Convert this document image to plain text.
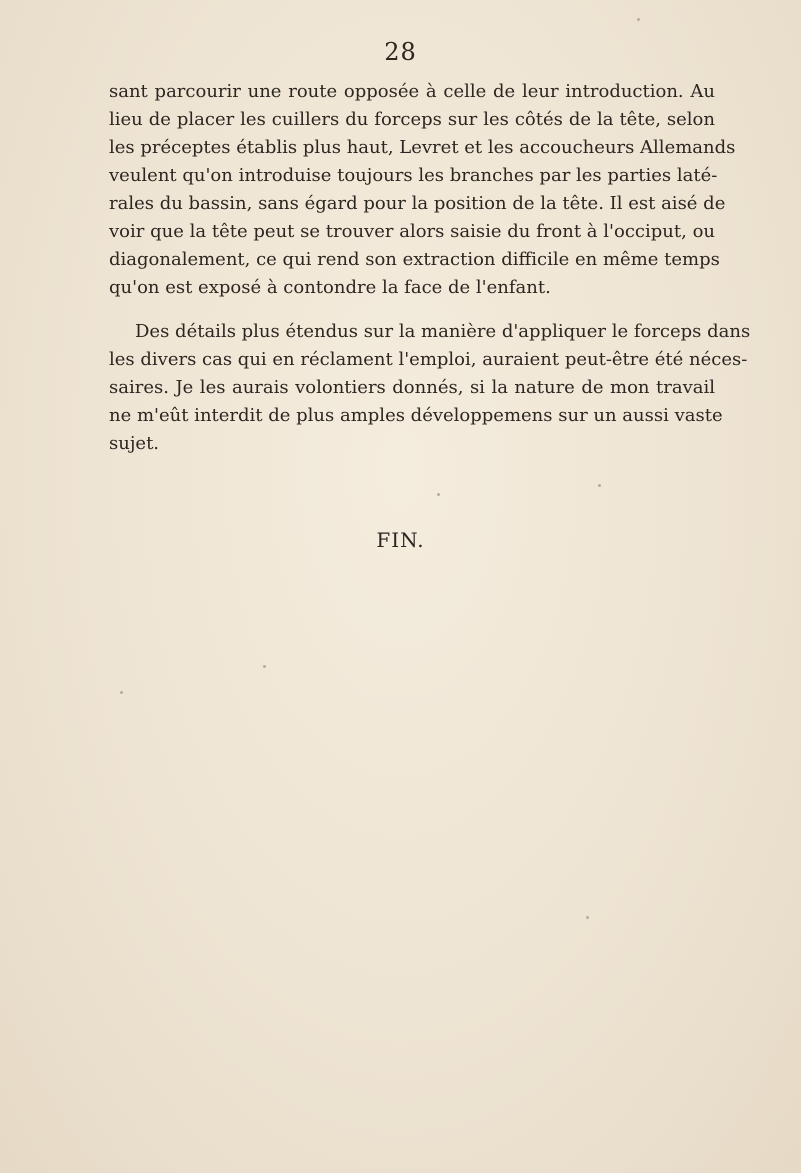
28
sant parcourir une route opposée à celle de leur introduction. Au
lieu de placer les cuillers du forceps sur les côtés de la tête, selon
les préceptes établis plus haut, Levret et les accoucheurs Allemands
veulent qu'on introduise toujours les branches par les parties laté-
rales du bassin, sans égard pour la position de la tête. Il est aisé de
voir que la tête peut se trouver alors saisie du front à l'occiput, ou
diagonalement, ce qui rend son extraction difficile en même temps
qu'on est exposé à contondre la face de l'enfant.
Des détails plus étendus sur la manière d'appliquer le forceps dans
les divers cas qui en réclament l'emploi, auraient peut-être été néces-
saires. Je les aurais volontiers donnés, si la nature de mon travail
ne m'eût interdit de plus amples développemens sur un aussi vaste
sujet.
FIN.
